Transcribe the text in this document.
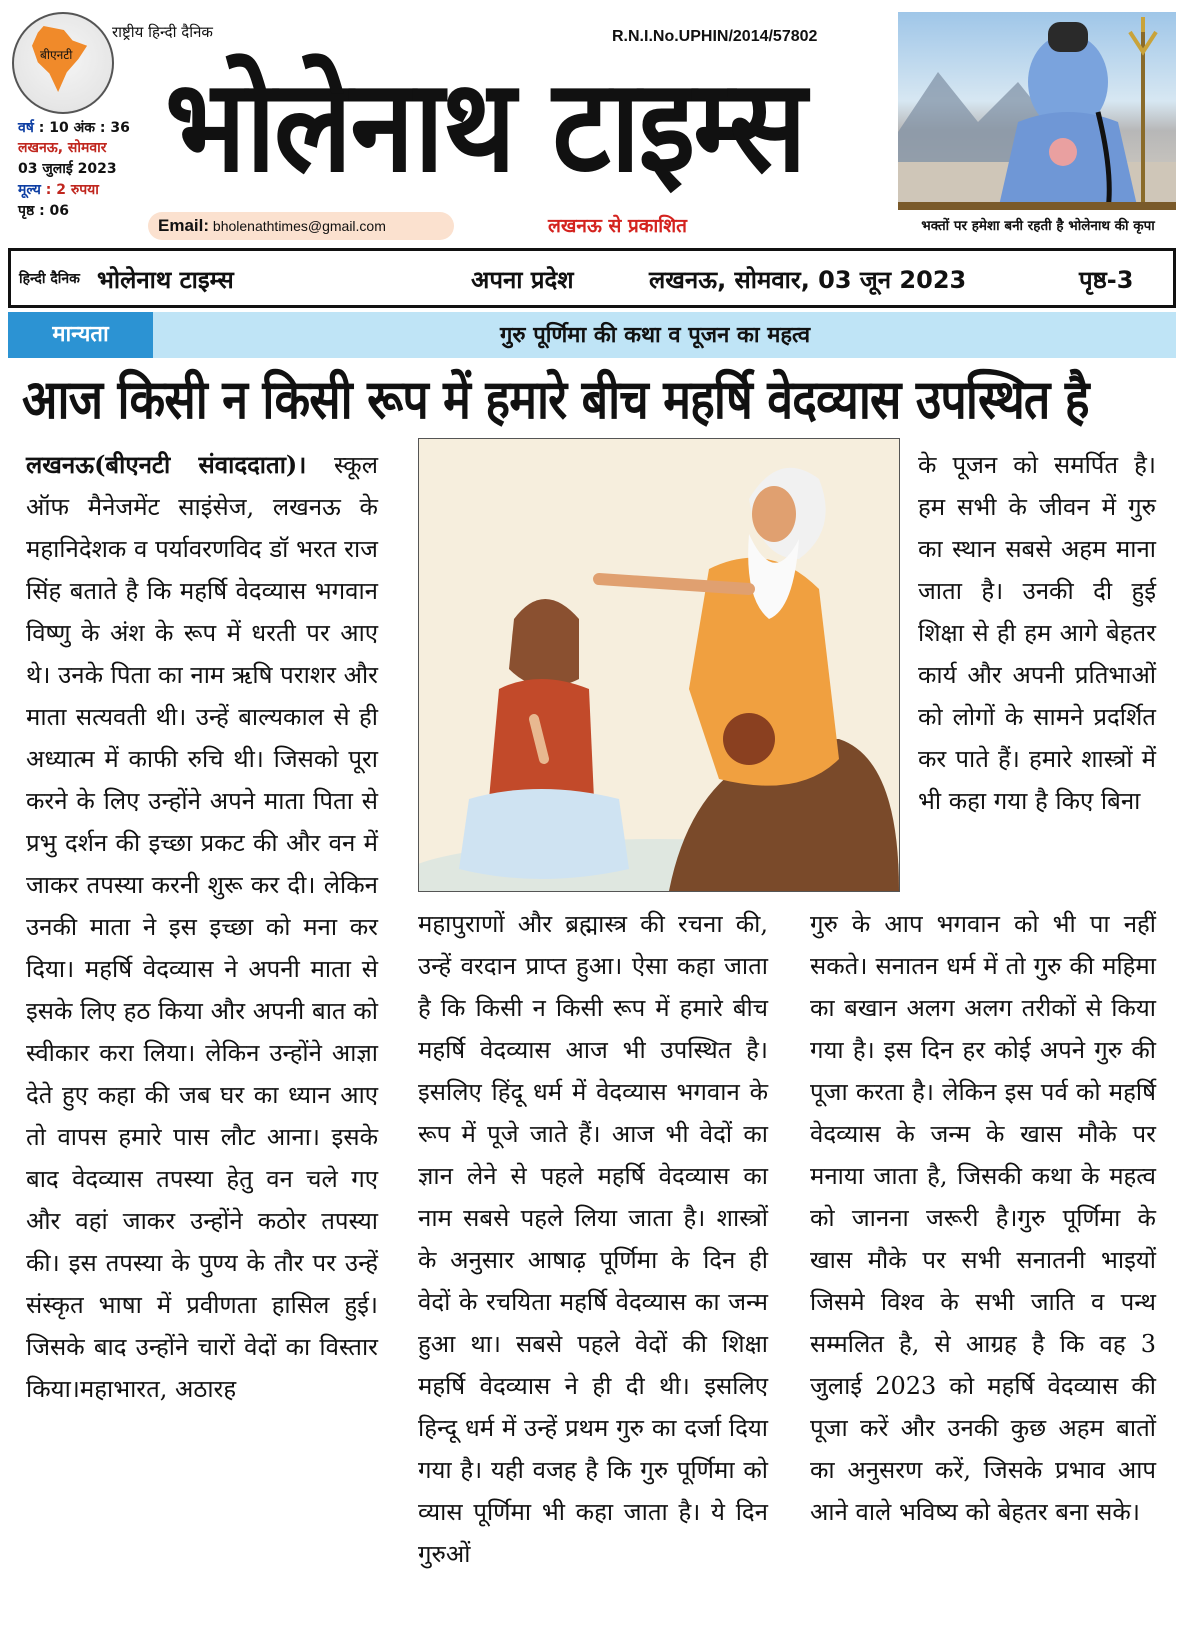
बीएनटी
राष्ट्रीय हिन्दी दैनिक
वर्ष : 10 अंक : 36
लखनऊ, सोमवार
03 जुलाई 2023
मूल्य : 2 रुपया
पृष्ठ : 06
R.N.I.No.UPHIN/2014/57802
भोलेनाथ टाइम्स
Email: bholenathtimes@gmail.com	लखनऊ से प्रकाशित	भक्तों पर हमेशा बनी रहती है भोलेनाथ की कृपा
हिन्दी दैनिक भोलेनाथ टाइम्स	अपना प्रदेश	लखनऊ, सोमवार, 03 जून 2023	पृष्ठ-3
मान्यता	गुरु पूर्णिमा की कथा व पूजन का महत्व
आज किसी न किसी रूप में हमारे बीच महर्षि वेदव्यास उपस्थित है

लखनऊ(बीएनटी संवाददाता)। स्कूल ऑफ मैनेजमेंट साइंसेज, लखनऊ के महानिदेशक व पर्यावरणविद डॉ भरत राज सिंह बताते है कि महर्षि वेदव्यास भगवान विष्णु के अंश के रूप में धरती पर आए थे। उनके पिता का नाम ऋषि पराशर और माता सत्यवती थी। उन्हें बाल्यकाल से ही अध्यात्म में काफी रुचि थी। जिसको पूरा करने के लिए उन्होंने अपने माता पिता से प्रभु दर्शन की इच्छा प्रकट की और वन में जाकर तपस्या करनी शुरू कर दी। लेकिन उनकी माता ने इस इच्छा को मना कर दिया। महर्षि वेदव्यास ने अपनी माता से इसके लिए हठ किया और अपनी बात को स्वीकार करा लिया। लेकिन उन्होंने आज्ञा देते हुए कहा की जब घर का ध्यान आए तो वापस हमारे पास लौट आना। इसके बाद वेदव्यास तपस्या हेतु वन चले गए और वहां जाकर उन्होंने कठोर तपस्या की। इस तपस्या के पुण्य के तौर पर उन्हें संस्कृत भाषा में प्रवीणता हासिल हुई। जिसके बाद उन्होंने चारों वेदों का विस्तार किया।महाभारत, अठारह

महापुराणों और ब्रह्मास्त्र की रचना की, उन्हें वरदान प्राप्त हुआ। ऐसा कहा जाता है कि किसी न किसी रूप में हमारे बीच महर्षि वेदव्यास आज भी उपस्थित है। इसलिए हिंदू धर्म में वेदव्यास भगवान के रूप में पूजे जाते हैं। आज भी वेदों का ज्ञान लेने से पहले महर्षि वेदव्यास का नाम सबसे पहले लिया जाता है। शास्त्रों के अनुसार आषाढ़ पूर्णिमा के दिन ही वेदों के रचयिता महर्षि वेदव्यास का जन्म हुआ था। सबसे पहले वेदों की शिक्षा महर्षि वेदव्यास ने ही दी थी। इसलिए हिन्दू धर्म में उन्हें प्रथम गुरु का दर्जा दिया गया है। यही वजह है कि गुरु पूर्णिमा को व्यास पूर्णिमा भी कहा जाता है। ये दिन गुरुओं

के पूजन को समर्पित है। हम सभी के जीवन में गुरु का स्थान सबसे अहम माना जाता है। उनकी दी हुई शिक्षा से ही हम आगे बेहतर कार्य और अपनी प्रतिभाओं को लोगों के सामने प्रदर्शित कर पाते हैं। हमारे शास्त्रों में भी कहा गया है किए बिना

गुरु के आप भगवान को भी पा नहीं सकते। सनातन धर्म में तो गुरु की महिमा का बखान अलग अलग तरीकों से किया गया है। इस दिन हर कोई अपने गुरु की पूजा करता है। लेकिन इस पर्व को महर्षि वेदव्यास के जन्म के खास मौके पर मनाया जाता है, जिसकी कथा के महत्व को जानना जरूरी है।गुरु पूर्णिमा के खास मौके पर सभी सनातनी भाइयों जिसमे विश्व के सभी जाति व पन्थ सम्मलित है, से आग्रह है कि वह 3 जुलाई 2023 को महर्षि वेदव्यास की पूजा करें और उनकी कुछ अहम बातों का अनुसरण करें, जिसके प्रभाव आप आने वाले भविष्य को बेहतर बना सके।
